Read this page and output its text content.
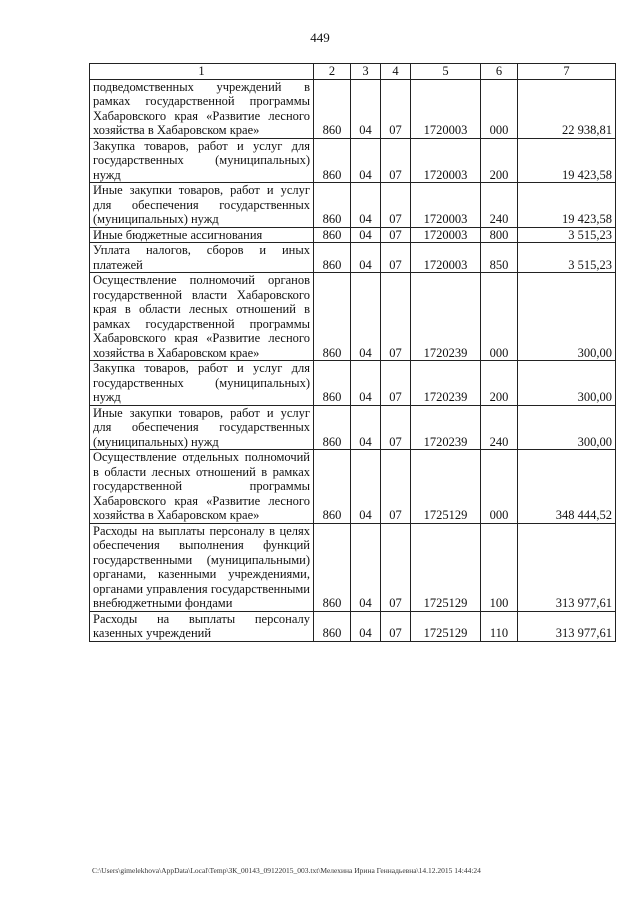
449
1	2	3	4	5	6	7
подведомственных учреждений в рамках государственной программы Хабаровского края «Развитие лесного хозяйства в Хабаровском крае»	860	04	07	1720003	000	22 938,81
Закупка товаров, работ и услуг для государственных (муниципальных) нужд	860	04	07	1720003	200	19 423,58
Иные закупки товаров, работ и услуг для обеспечения государственных (муниципальных) нужд	860	04	07	1720003	240	19 423,58
Иные бюджетные ассигнования	860	04	07	1720003	800	3 515,23
Уплата налогов, сборов и иных платежей	860	04	07	1720003	850	3 515,23
Осуществление полномочий органов государственной власти Хабаровского края в области лесных отношений в рамках государственной программы Хабаровского края «Развитие лесного хозяйства в Хабаровском крае»	860	04	07	1720239	000	300,00
Закупка товаров, работ и услуг для государственных (муниципальных) нужд	860	04	07	1720239	200	300,00
Иные закупки товаров, работ и услуг для обеспечения государственных (муниципальных) нужд	860	04	07	1720239	240	300,00
Осуществление отдельных полномочий в области лесных отношений в рамках государственной программы Хабаровского края «Развитие лесного хозяйства в Хабаровском крае»	860	04	07	1725129	000	348 444,52
Расходы на выплаты персоналу в целях обеспечения выполнения функций государственными (муниципальными) органами, казенными учреждениями, органами управления государственными внебюджетными фондами	860	04	07	1725129	100	313 977,61
Расходы на выплаты персоналу казенных учреждений	860	04	07	1725129	110	313 977,61
C:\Users\gimelekhova\AppData\Local\Temp\ЗК_00143_09122015_003.txt\Мелехина Ирина Геннадьевна\14.12.2015 14:44:24
